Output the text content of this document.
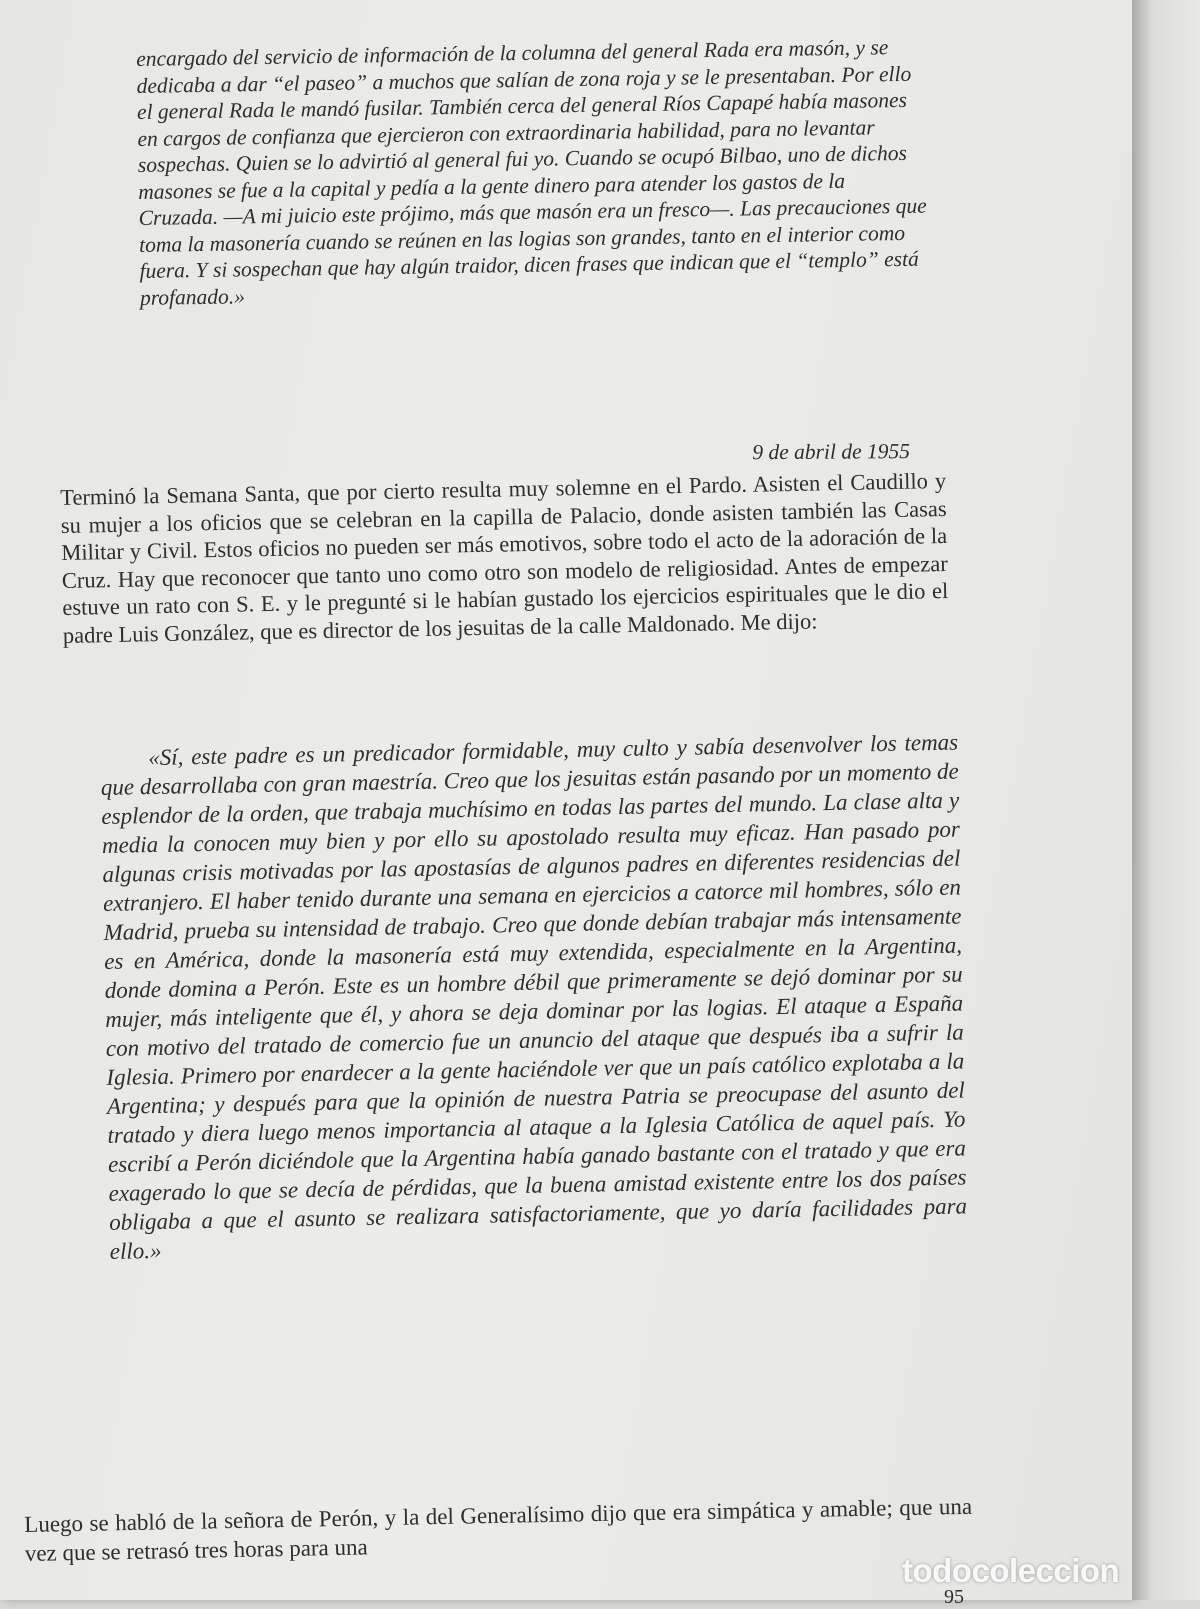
encargado del servicio de información de la columna del general Rada era masón, y se dedicaba a dar “el paseo” a muchos que salían de zona roja y se le presentaban. Por ello el general Rada le mandó fusilar. También cerca del general Ríos Capapé había masones en cargos de confianza que ejercieron con extraordinaria habilidad, para no levantar sospechas. Quien se lo advirtió al general fui yo. Cuando se ocupó Bilbao, uno de dichos masones se fue a la capital y pedía a la gente dinero para atender los gastos de la Cruzada. —A mi juicio este prójimo, más que masón era un fresco—. Las precauciones que toma la masonería cuando se reúnen en las logias son grandes, tanto en el interior como fuera. Y si sospechan que hay algún traidor, dicen frases que indican que el “templo” está profanado.»

9 de abril de 1955

Terminó la Semana Santa, que por cierto resulta muy solemne en el Pardo. Asisten el Caudillo y su mujer a los oficios que se celebran en la capilla de Palacio, donde asisten también las Casas Militar y Civil. Estos oficios no pueden ser más emotivos, sobre todo el acto de la adoración de la Cruz. Hay que reconocer que tanto uno como otro son modelo de religiosidad. Antes de empezar estuve un rato con S. E. y le pregunté si le habían gustado los ejercicios espirituales que le dio el padre Luis González, que es director de los jesuitas de la calle Maldonado. Me dijo:

«Sí, este padre es un predicador formidable, muy culto y sabía desenvolver los temas que desarrollaba con gran maestría. Creo que los jesuitas están pasando por un momento de esplendor de la orden, que trabaja muchísimo en todas las partes del mundo. La clase alta y media la conocen muy bien y por ello su apostolado resulta muy eficaz. Han pasado por algunas crisis motivadas por las apostasías de algunos padres en diferentes residencias del extranjero. El haber tenido durante una semana en ejercicios a catorce mil hombres, sólo en Madrid, prueba su intensidad de trabajo. Creo que donde debían trabajar más intensamente es en América, donde la masonería está muy extendida, especialmente en la Argentina, donde domina a Perón. Este es un hombre débil que primeramente se dejó dominar por su mujer, más inteligente que él, y ahora se deja dominar por las logias. El ataque a España con motivo del tratado de comercio fue un anuncio del ataque que después iba a sufrir la Iglesia. Primero por enardecer a la gente haciéndole ver que un país católico explotaba a la Argentina; y después para que la opinión de nuestra Patria se preocupase del asunto del tratado y diera luego menos importancia al ataque a la Iglesia Católica de aquel país. Yo escribí a Perón diciéndole que la Argentina había ganado bastante con el tratado y que era exagerado lo que se decía de pérdidas, que la buena amistad existente entre los dos países obligaba a que el asunto se realizara satisfactoriamente, que yo daría facilidades para ello.»

Luego se habló de la señora de Perón, y la del Generalísimo dijo que era simpática y amable; que una vez que se retrasó tres horas para una

95
todocoleccion
